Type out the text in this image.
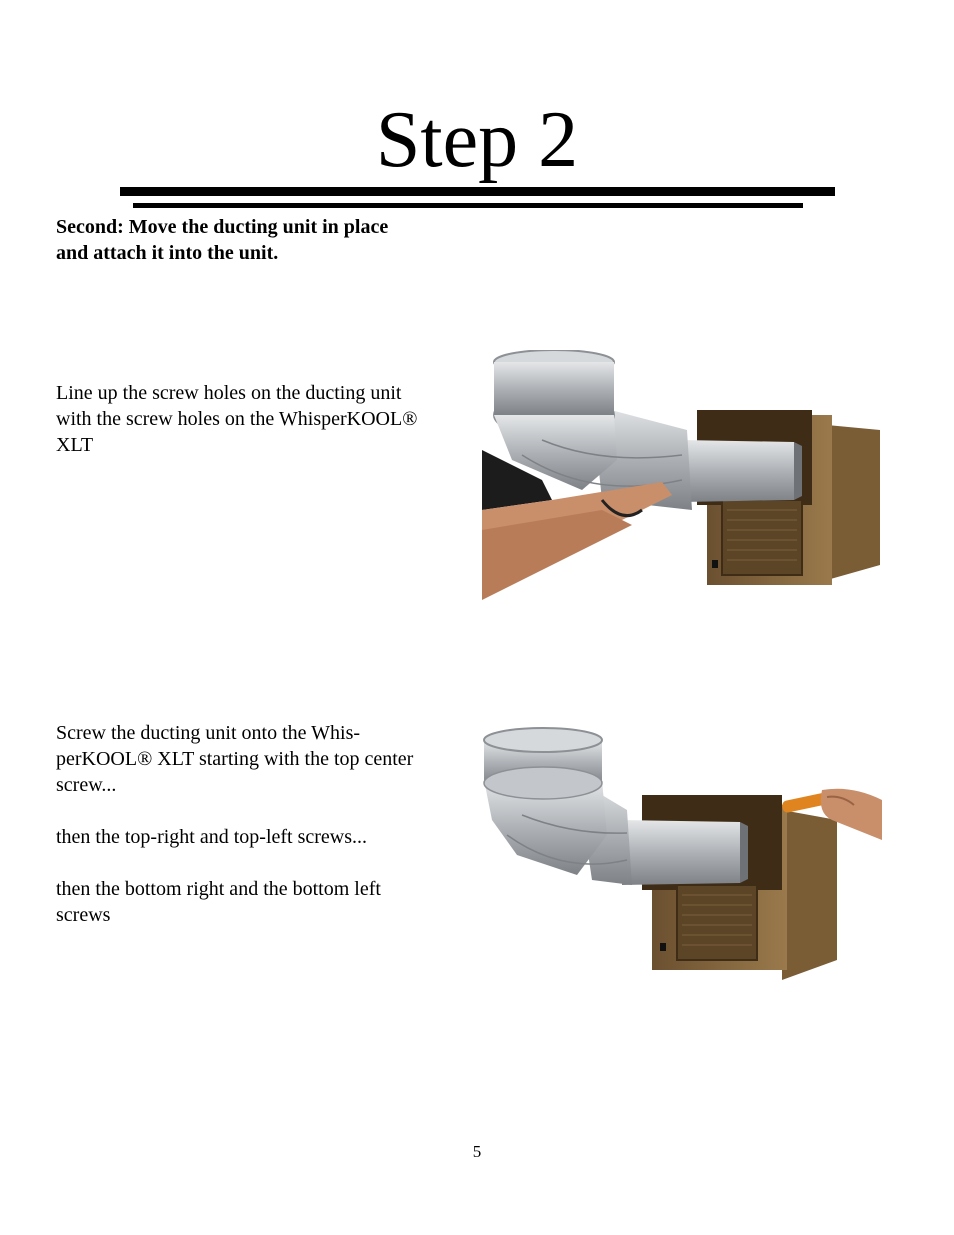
Step 2
Second: Move the ducting unit in place
and attach it into the unit.
Line up the screw holes on the ducting unit
with the screw holes on the WhisperKOOL®
XLT
Screw the ducting unit onto the Whis-
perKOOL® XLT starting with the top center
screw...
then the top-right and top-left screws...
then the bottom right and the bottom left
screws
5
